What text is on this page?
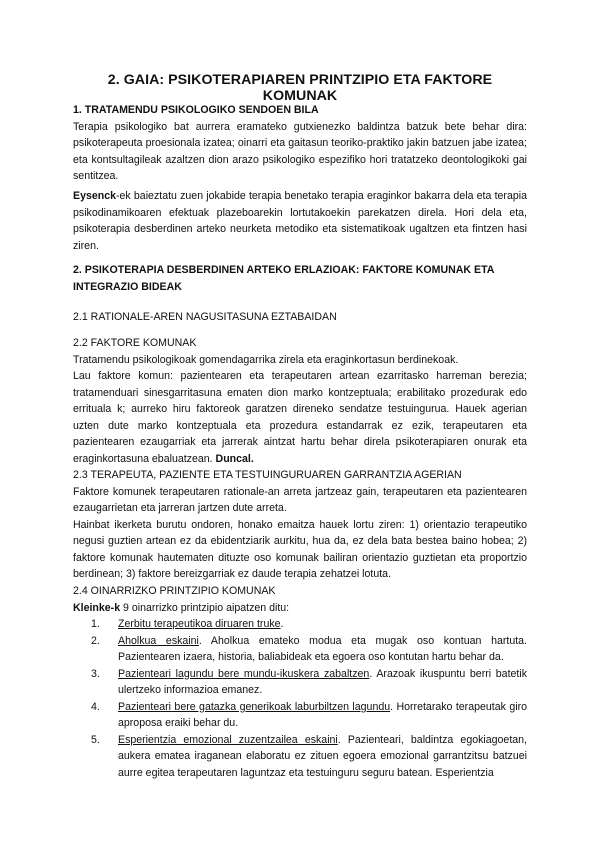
2. GAIA: PSIKOTERAPIAREN PRINTZIPIO ETA FAKTORE KOMUNAK

1. TRATAMENDU PSIKOLOGIKO SENDOEN BILA

Terapia psikologiko bat aurrera eramateko gutxienezko baldintza batzuk bete behar dira: psikoterapeuta proesionala izatea; oinarri eta gaitasun teoriko-praktiko jakin batzuen jabe izatea; eta kontsultagileak azaltzen dion arazo psikologiko espezifiko hori tratatzeko deontologikoki gai sentitzea.

Eysenck-ek baieztatu zuen jokabide terapia benetako terapia eraginkor bakarra dela eta terapia psikodinamikoaren efektuak plazeboarekin lortutakoekin parekatzen direla. Hori dela eta, psikoterapia desberdinen arteko neurketa metodiko eta sistematikoak ugaltzen eta fintzen hasi ziren.

2. PSIKOTERAPIA DESBERDINEN ARTEKO ERLAZIOAK: FAKTORE KOMUNAK ETA INTEGRAZIO BIDEAK

2.1 RATIONALE-AREN NAGUSITASUNA EZTABAIDAN

2.2 FAKTORE KOMUNAK

Tratamendu psikologikoak gomendagarrika zirela eta eraginkortasun berdinekoak.

Lau faktore komun: pazientearen eta terapeutaren artean ezarritasko harreman berezia; tratamenduari sinesgarritasuna ematen dion marko kontzeptuala; erabilitako prozedurak edo errituala k; aurreko hiru faktoreok garatzen direneko sendatze testuingurua. Hauek agerian uzten dute marko kontzeptuala eta prozedura estandarrak ez ezik, terapeutaren eta pazientearen ezaugarriak eta jarrerak aintzat hartu behar direla psikoterapiaren onurak eta eraginkortasuna ebaluatzean. Duncal.

2.3 TERAPEUTA, PAZIENTE ETA TESTUINGURUAREN GARRANTZIA AGERIAN

Faktore komunek terapeutaren rationale-an arreta jartzeaz gain, terapeutaren eta pazientearen ezaugarrietan eta jarreran jartzen dute arreta.

Hainbat ikerketa burutu ondoren, honako emaitza hauek lortu ziren: 1) orientazio terapeutiko negusi guztien artean ez da ebidentziarik aurkitu, hua da, ez dela bata bestea baino hobea; 2) faktore komunak hautematen dituzte oso komunak bailiran orientazio guztietan eta proportzio berdinean; 3) faktore bereizgarriak ez daude terapia zehatzei lotuta.

2.4 OINARRIZKO PRINTZIPIO KOMUNAK

Kleinke-k 9 oinarrizko printzipio aipatzen ditu:

1. Zerbitu terapeutikoa diruaren truke.
2. Aholkua eskaini. Aholkua emateko modua eta mugak oso kontuan hartuta. Pazientearen izaera, historia, baliabideak eta egoera oso kontutan hartu behar da.
3. Pazienteari lagundu bere mundu-ikuskera zabaltzen. Arazoak ikuspuntu berri batetik ulertzeko informazioa emanez.
4. Pazienteari bere gatazka generikoak laburbiltzen lagundu. Horretarako terapeutak giro aproposa eraiki behar du.
5. Esperientzia emozional zuzentzailea eskaini. Pazienteari, baldintza egokiagoetan, aukera ematea iraganean elaboratu ez zituen egoera emozional garrantzitsu batzuei aurre egitea terapeutaren laguntzaz eta testuinguru seguru batean. Esperientzia
